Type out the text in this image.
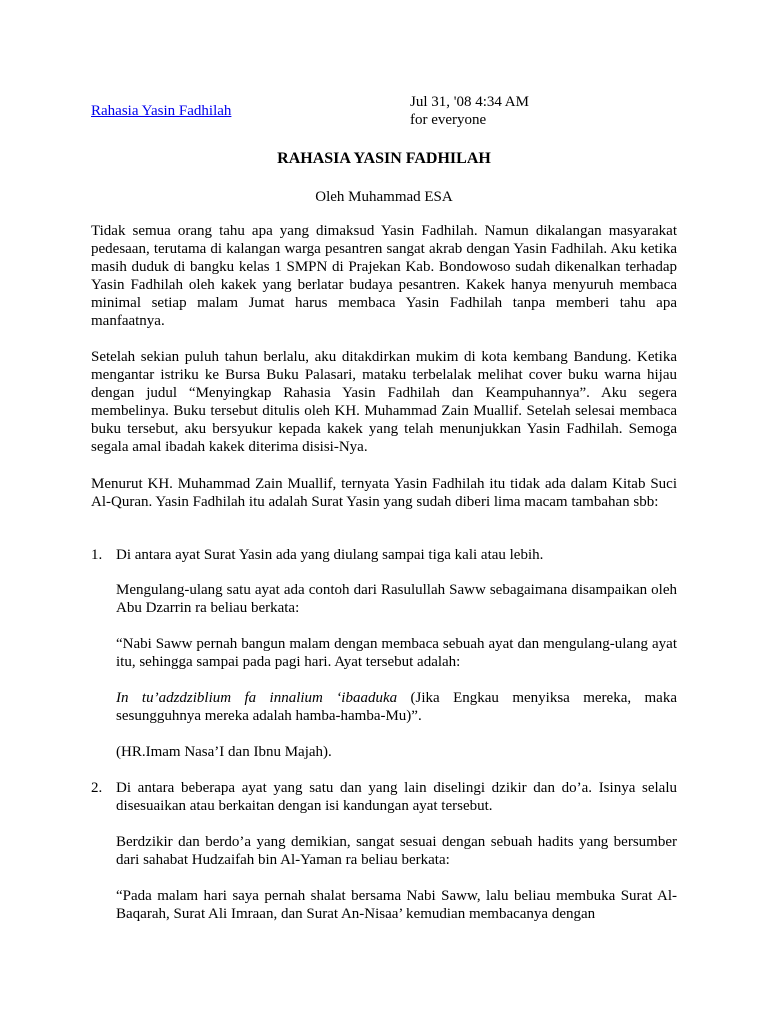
Rahasia Yasin Fadhilah
Jul 31, '08 4:34 AM
for everyone
RAHASIA YASIN FADHILAH
Oleh Muhammad ESA

Tidak semua orang tahu apa yang dimaksud Yasin Fadhilah. Namun dikalangan masyarakat pedesaan, terutama di kalangan warga pesantren sangat akrab dengan Yasin Fadhilah. Aku ketika masih duduk di bangku kelas 1 SMPN di Prajekan Kab. Bondowoso sudah dikenalkan terhadap Yasin Fadhilah oleh kakek yang berlatar budaya pesantren. Kakek hanya menyuruh membaca minimal setiap malam Jumat harus membaca Yasin Fadhilah tanpa memberi tahu apa manfaatnya.

Setelah sekian puluh tahun berlalu, aku ditakdirkan mukim di kota kembang Bandung. Ketika mengantar istriku ke Bursa Buku Palasari, mataku terbelalak melihat cover buku warna hijau dengan judul “Menyingkap Rahasia Yasin Fadhilah dan Keampuhannya”. Aku segera membelinya. Buku tersebut ditulis oleh KH. Muhammad Zain Muallif. Setelah selesai membaca buku tersebut, aku bersyukur kepada kakek yang telah menunjukkan Yasin Fadhilah. Semoga segala amal ibadah kakek diterima disisi-Nya.

Menurut KH. Muhammad Zain Muallif, ternyata Yasin Fadhilah itu tidak ada dalam Kitab Suci Al-Quran. Yasin Fadhilah itu adalah Surat Yasin yang sudah diberi lima macam tambahan sbb:

1. Di antara ayat Surat Yasin ada yang diulang sampai tiga kali atau lebih.

Mengulang-ulang satu ayat ada contoh dari Rasulullah Saww sebagaimana disampaikan oleh Abu Dzarrin ra beliau berkata:

“Nabi Saww pernah bangun malam dengan membaca sebuah ayat dan mengulang-ulang ayat itu, sehingga sampai pada pagi hari. Ayat tersebut adalah:

In tu’adzdziblium fa innalium ‘ibaaduka (Jika Engkau menyiksa mereka, maka sesungguhnya mereka adalah hamba-hamba-Mu)”.

(HR.Imam Nasa’I dan Ibnu Majah).

2. Di antara beberapa ayat yang satu dan yang lain diselingi dzikir dan do’a. Isinya selalu disesuaikan atau berkaitan dengan isi kandungan ayat tersebut.

Berdzikir dan berdo’a yang demikian, sangat sesuai dengan sebuah hadits yang bersumber dari sahabat Hudzaifah bin Al-Yaman ra beliau berkata:

“Pada malam hari saya pernah shalat bersama Nabi Saww, lalu beliau membuka Surat Al-Baqarah, Surat Ali Imraan, dan Surat An-Nisaa’ kemudian membacanya dengan
